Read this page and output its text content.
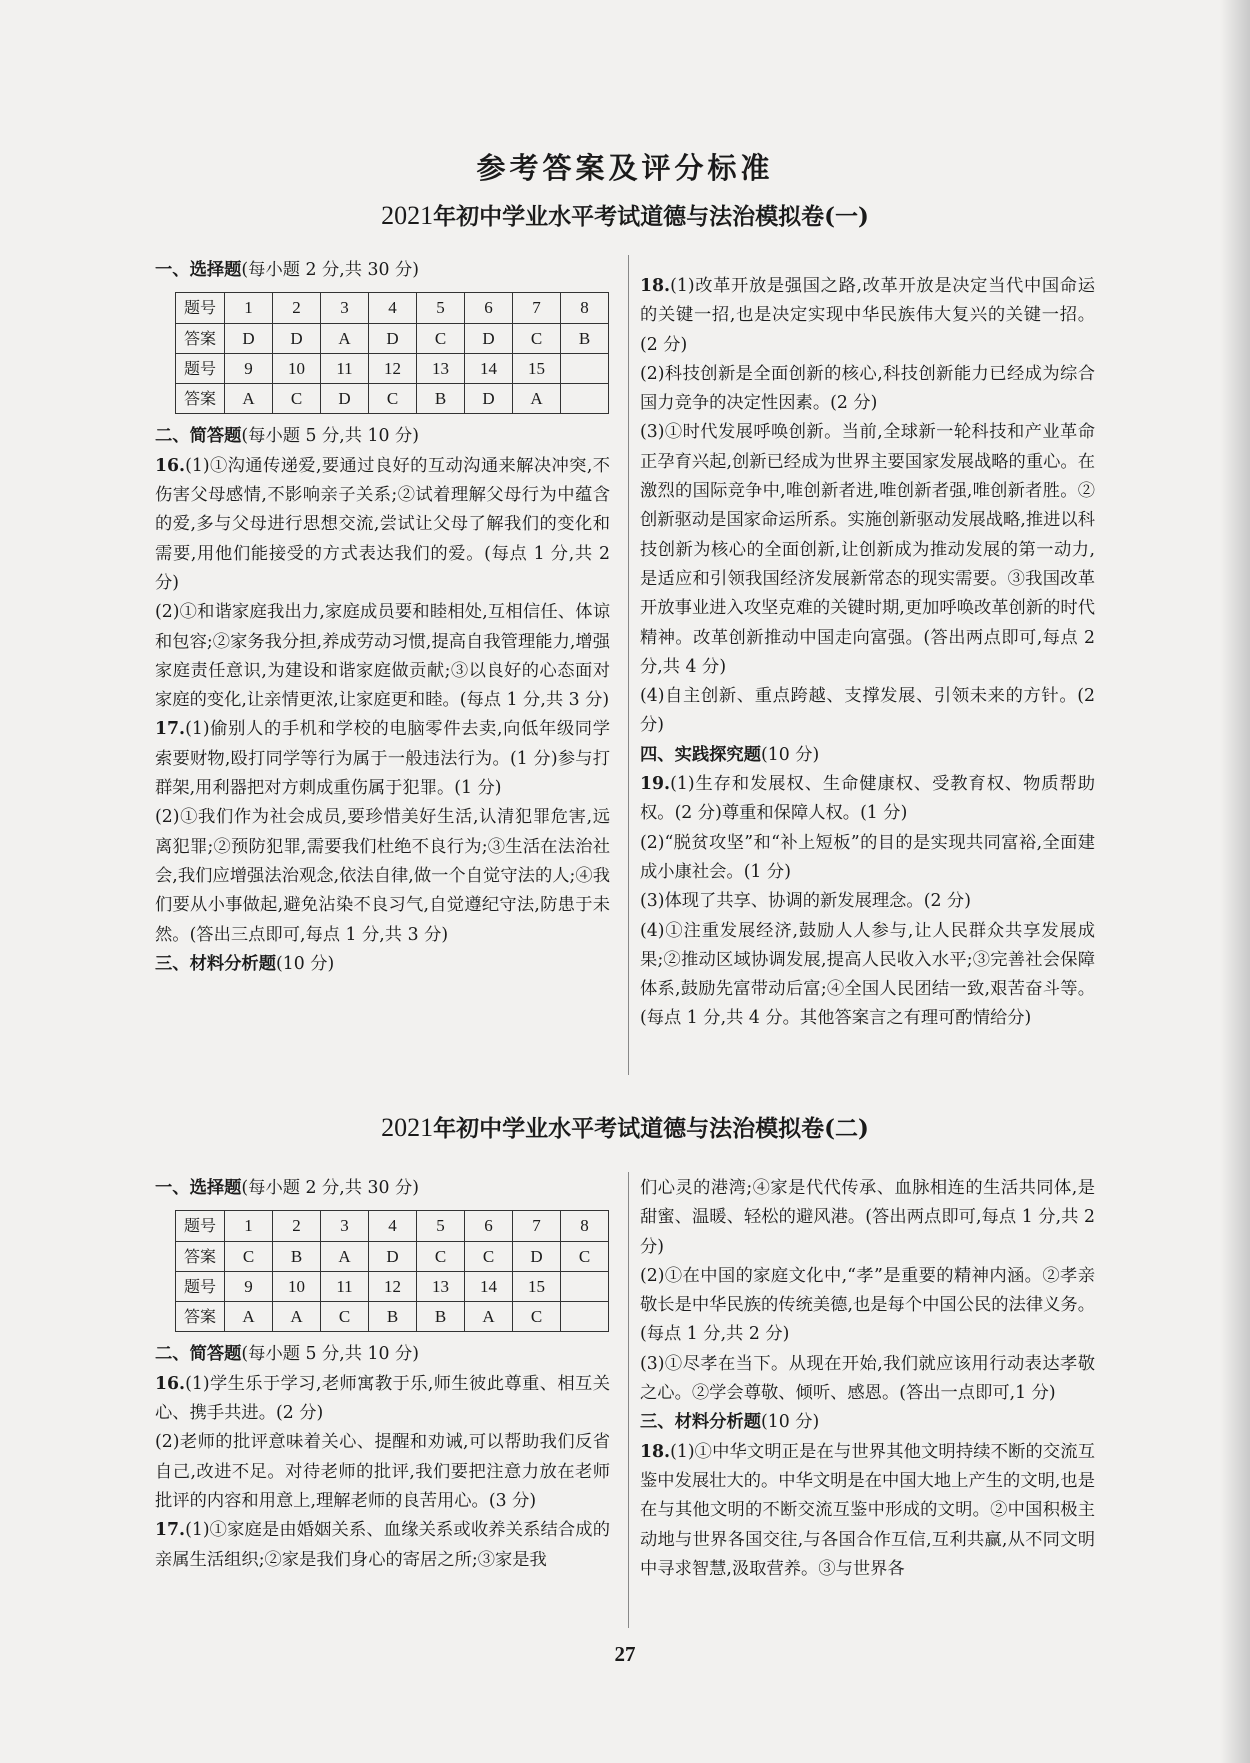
参考答案及评分标准
2021年初中学业水平考试道德与法治模拟卷(一)

一、选择题(每小题 2 分,共 30 分)

题号	1	2	3	4	5	6	7	8
答案	D	D	A	D	C	D	C	B
题号	9	10	11	12	13	14	15	
答案	A	C	D	C	B	D	A	

二、简答题(每小题 5 分,共 10 分)

16.(1)①沟通传递爱,要通过良好的互动沟通来解决冲突,不伤害父母感情,不影响亲子关系;②试着理解父母行为中蕴含的爱,多与父母进行思想交流,尝试让父母了解我们的变化和需要,用他们能接受的方式表达我们的爱。(每点 1 分,共 2 分)

(2)①和谐家庭我出力,家庭成员要和睦相处,互相信任、体谅和包容;②家务我分担,养成劳动习惯,提高自我管理能力,增强家庭责任意识,为建设和谐家庭做贡献;③以良好的心态面对家庭的变化,让亲情更浓,让家庭更和睦。(每点 1 分,共 3 分)

17.(1)偷别人的手机和学校的电脑零件去卖,向低年级同学索要财物,殴打同学等行为属于一般违法行为。(1 分)参与打群架,用利器把对方刺成重伤属于犯罪。(1 分)

(2)①我们作为社会成员,要珍惜美好生活,认清犯罪危害,远离犯罪;②预防犯罪,需要我们杜绝不良行为;③生活在法治社会,我们应增强法治观念,依法自律,做一个自觉守法的人;④我们要从小事做起,避免沾染不良习气,自觉遵纪守法,防患于未然。(答出三点即可,每点 1 分,共 3 分)

三、材料分析题(10 分)

18.(1)改革开放是强国之路,改革开放是决定当代中国命运的关键一招,也是决定实现中华民族伟大复兴的关键一招。(2 分)

(2)科技创新是全面创新的核心,科技创新能力已经成为综合国力竞争的决定性因素。(2 分)

(3)①时代发展呼唤创新。当前,全球新一轮科技和产业革命正孕育兴起,创新已经成为世界主要国家发展战略的重心。在激烈的国际竞争中,唯创新者进,唯创新者强,唯创新者胜。②创新驱动是国家命运所系。实施创新驱动发展战略,推进以科技创新为核心的全面创新,让创新成为推动发展的第一动力,是适应和引领我国经济发展新常态的现实需要。③我国改革开放事业进入攻坚克难的关键时期,更加呼唤改革创新的时代精神。改革创新推动中国走向富强。(答出两点即可,每点 2 分,共 4 分)

(4)自主创新、重点跨越、支撑发展、引领未来的方针。(2 分)

四、实践探究题(10 分)

19.(1)生存和发展权、生命健康权、受教育权、物质帮助权。(2 分)尊重和保障人权。(1 分)

(2)“脱贫攻坚”和“补上短板”的目的是实现共同富裕,全面建成小康社会。(1 分)

(3)体现了共享、协调的新发展理念。(2 分)

(4)①注重发展经济,鼓励人人参与,让人民群众共享发展成果;②推动区域协调发展,提高人民收入水平;③完善社会保障体系,鼓励先富带动后富;④全国人民团结一致,艰苦奋斗等。(每点 1 分,共 4 分。其他答案言之有理可酌情给分)

2021年初中学业水平考试道德与法治模拟卷(二)

一、选择题(每小题 2 分,共 30 分)

题号	1	2	3	4	5	6	7	8
答案	C	B	A	D	C	C	D	C
题号	9	10	11	12	13	14	15	
答案	A	A	C	B	B	A	C	

二、简答题(每小题 5 分,共 10 分)

16.(1)学生乐于学习,老师寓教于乐,师生彼此尊重、相互关心、携手共进。(2 分)

(2)老师的批评意味着关心、提醒和劝诫,可以帮助我们反省自己,改进不足。对待老师的批评,我们要把注意力放在老师批评的内容和用意上,理解老师的良苦用心。(3 分)

17.(1)①家庭是由婚姻关系、血缘关系或收养关系结合成的亲属生活组织;②家是我们身心的寄居之所;③家是我

们心灵的港湾;④家是代代传承、血脉相连的生活共同体,是甜蜜、温暖、轻松的避风港。(答出两点即可,每点 1 分,共 2 分)

(2)①在中国的家庭文化中,“孝”是重要的精神内涵。②孝亲敬长是中华民族的传统美德,也是每个中国公民的法律义务。(每点 1 分,共 2 分)

(3)①尽孝在当下。从现在开始,我们就应该用行动表达孝敬之心。②学会尊敬、倾听、感恩。(答出一点即可,1 分)

三、材料分析题(10 分)

18.(1)①中华文明正是在与世界其他文明持续不断的交流互鉴中发展壮大的。中华文明是在中国大地上产生的文明,也是在与其他文明的不断交流互鉴中形成的文明。②中国积极主动地与世界各国交往,与各国合作互信,互利共赢,从不同文明中寻求智慧,汲取营养。③与世界各

27
